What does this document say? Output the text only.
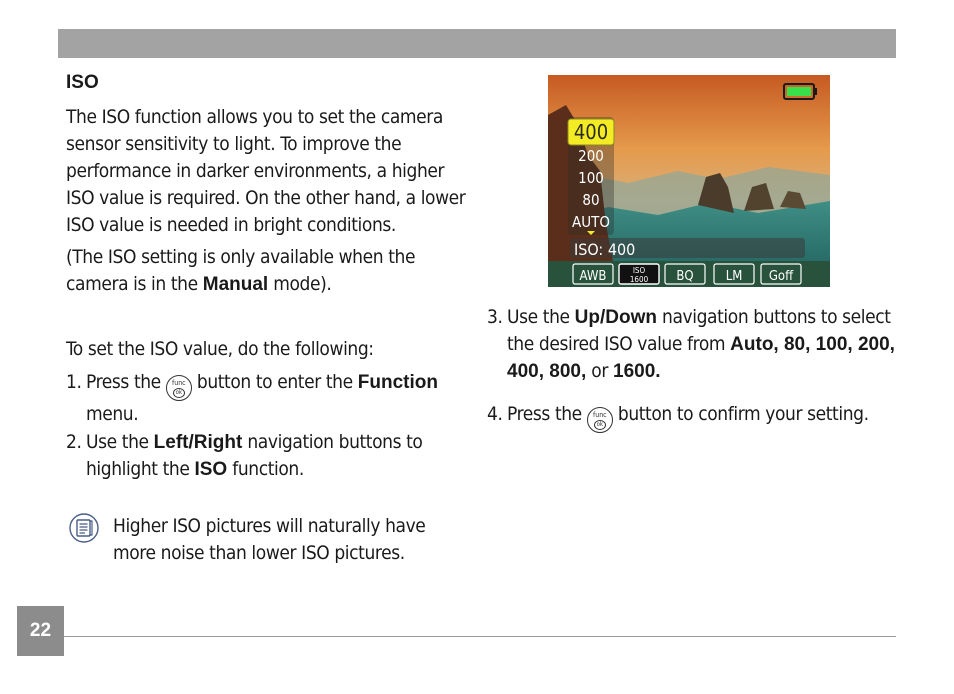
ISO

The ISO function allows you to set the camera sensor sensitivity to light. To improve the performance in darker environments, a higher ISO value is required. On the other hand, a lower ISO value is needed in bright conditions.

(The ISO setting is only available when the camera is in the Manual mode).

To set the ISO value, do the following:

1. Press the	func
ok button to enter the Function menu.

2. Use the Left/Right navigation buttons to highlight the ISO function.

Higher ISO pictures will naturally have more noise than lower ISO pictures.

400
200
100
80
AUTO
ISO: 400
AWB	ISO
1600 BQ LM Goff
3. Use the Up/Down navigation buttons to select the desired ISO value from Auto, 80, 100, 200, 400, 800, or 1600.

4. Press the	func
ok button to confirm your setting.

22
